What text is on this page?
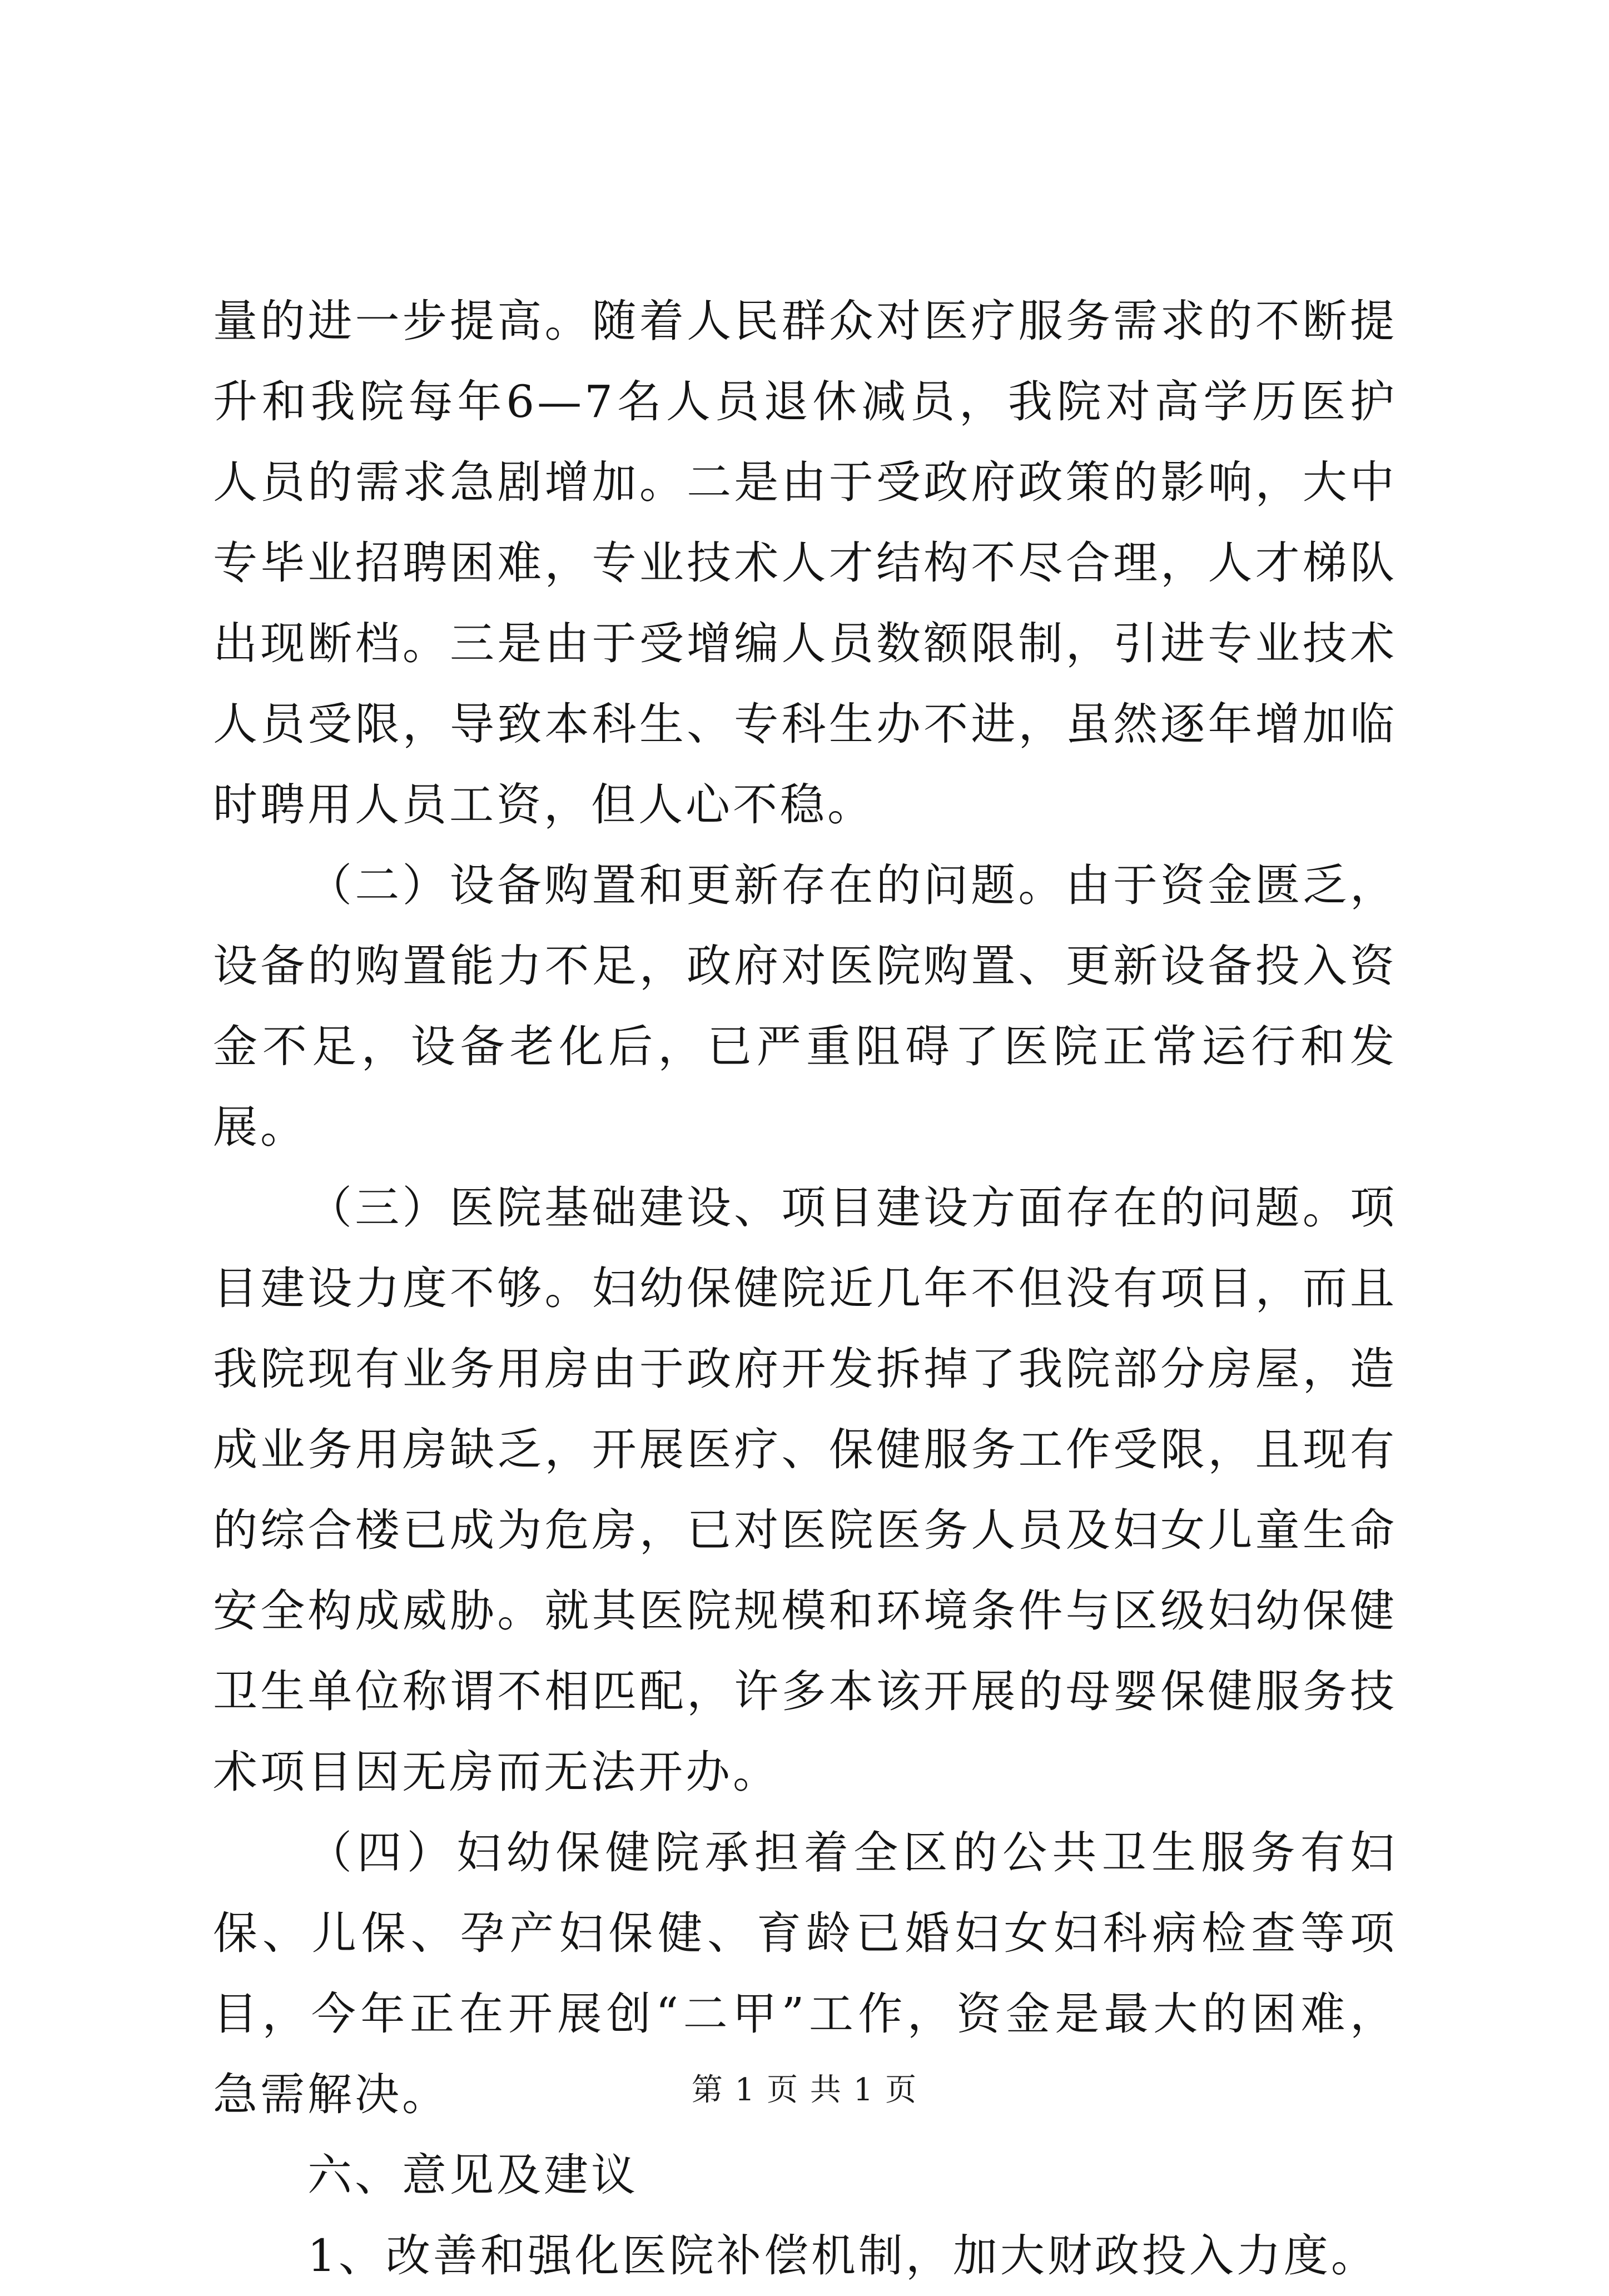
量的进一步提高。随着人民群众对医疗服务需求的不断提升和我院每年6—7名人员退休减员，我院对高学历医护人员的需求急剧增加。二是由于受政府政策的影响，大中专毕业招聘困难，专业技术人才结构不尽合理，人才梯队出现断档。三是由于受增编人员数额限制，引进专业技术人员受限，导致本科生、专科生办不进，虽然逐年增加临时聘用人员工资，但人心不稳。

（二）设备购置和更新存在的问题。由于资金匮乏，设备的购置能力不足，政府对医院购置、更新设备投入资金不足，设备老化后，已严重阻碍了医院正常运行和发展。

（三）医院基础建设、项目建设方面存在的问题。项目建设力度不够。妇幼保健院近几年不但没有项目，而且我院现有业务用房由于政府开发拆掉了我院部分房屋，造成业务用房缺乏，开展医疗、保健服务工作受限，且现有的综合楼已成为危房，已对医院医务人员及妇女儿童生命安全构成威胁。就其医院规模和环境条件与区级妇幼保健卫生单位称谓不相匹配，许多本该开展的母婴保健服务技术项目因无房而无法开办。

（四）妇幼保健院承担着全区的公共卫生服务有妇保、儿保、孕产妇保健、育龄已婚妇女妇科病检查等项目，今年正在开展创“二甲”工作，资金是最大的困难，急需解决。

六、意见及建议

1、改善和强化医院补偿机制，加大财政投入力度。

第 1 页 共 1 页
